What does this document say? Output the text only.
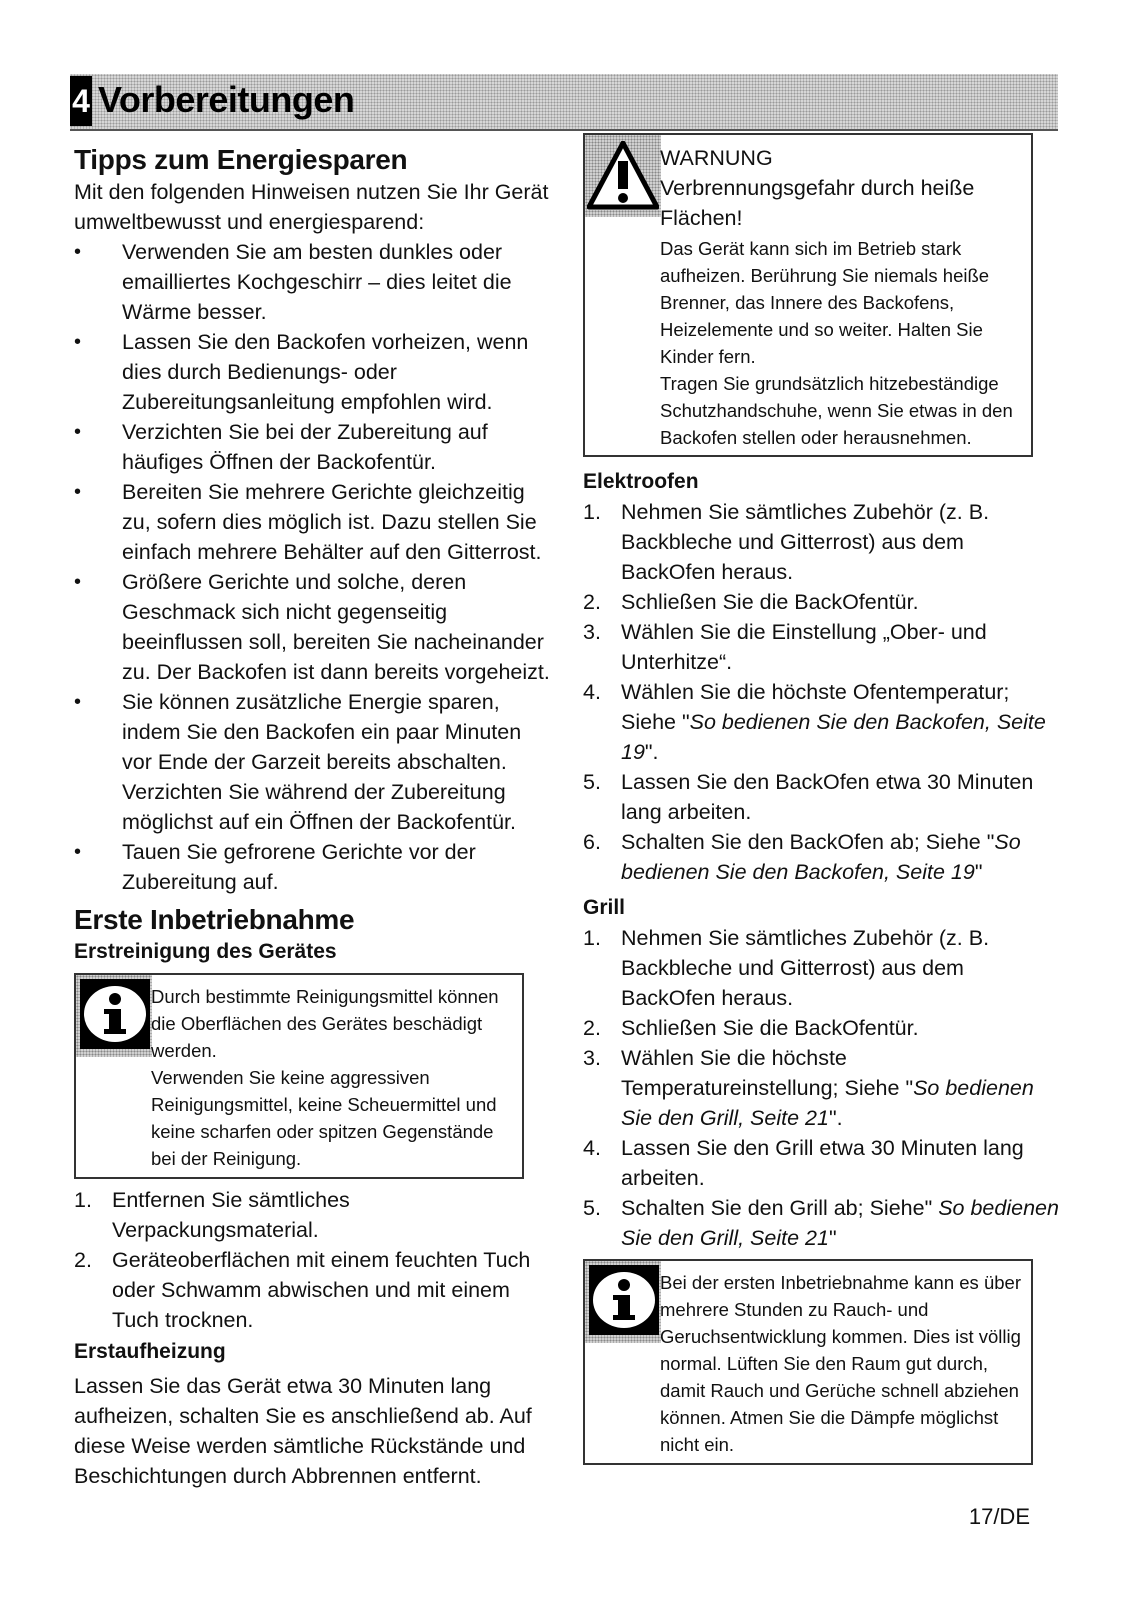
4 Vorbereitungen
Tipps zum Energiesparen

Mit den folgenden Hinweisen nutzen Sie Ihr Gerät umweltbewusst und energiesparend:

• Verwenden Sie am besten dunkles oder emailliertes Kochgeschirr – dies leitet die Wärme besser.
• Lassen Sie den Backofen vorheizen, wenn dies durch Bedienungs- oder Zubereitungsanleitung empfohlen wird.
• Verzichten Sie bei der Zubereitung auf häufiges Öffnen der Backofentür.
• Bereiten Sie mehrere Gerichte gleichzeitig zu, sofern dies möglich ist. Dazu stellen Sie einfach mehrere Behälter auf den Gitterrost.
• Größere Gerichte und solche, deren Geschmack sich nicht gegenseitig beeinflussen soll, bereiten Sie nacheinander zu. Der Backofen ist dann bereits vorgeheizt.
• Sie können zusätzliche Energie sparen, indem Sie den Backofen ein paar Minuten vor Ende der Garzeit bereits abschalten. Verzichten Sie während der Zubereitung möglichst auf ein Öffnen der Backofentür.
• Tauen Sie gefrorene Gerichte vor der Zubereitung auf.
Erste Inbetriebnahme
Erstreinigung des Gerätes
Durch bestimmte Reinigungsmittel können
die Oberflächen des Gerätes beschädigt
werden.
Verwenden Sie keine aggressiven
Reinigungsmittel, keine Scheuermittel und
keine scharfen oder spitzen Gegenstände
bei der Reinigung.
1. Entfernen Sie sämtliches Verpackungsmaterial.
2. Geräteoberflächen mit einem feuchten Tuch oder Schwamm abwischen und mit einem Tuch trocknen.
Erstaufheizung

Lassen Sie das Gerät etwa 30 Minuten lang aufheizen, schalten Sie es anschließend ab. Auf diese Weise werden sämtliche Rückstände und Beschichtungen durch Abbrennen entfernt.

WARNUNG
Verbrennungsgefahr durch heiße Flächen!
Das Gerät kann sich im Betrieb stark
aufheizen. Berührung Sie niemals heiße
Brenner, das Innere des Backofens,
Heizelemente und so weiter. Halten Sie
Kinder fern.
Tragen Sie grundsätzlich hitzebeständige
Schutzhandschuhe, wenn Sie etwas in den
Backofen stellen oder herausnehmen.
Elektroofen
1. Nehmen Sie sämtliches Zubehör (z. B. Backbleche und Gitterrost) aus dem BackOfen heraus.
2. Schließen Sie die BackOfentür.
3. Wählen Sie die Einstellung „Ober- und Unterhitze“.
4. Wählen Sie die höchste Ofentemperatur; Siehe "So bedienen Sie den Backofen, Seite 19".
5. Lassen Sie den BackOfen etwa 30 Minuten lang arbeiten.
6. Schalten Sie den BackOfen ab; Siehe "So bedienen Sie den Backofen, Seite 19"
Grill
1. Nehmen Sie sämtliches Zubehör (z. B. Backbleche und Gitterrost) aus dem BackOfen heraus.
2. Schließen Sie die BackOfentür.
3. Wählen Sie die höchste Temperatureinstellung; Siehe "So bedienen Sie den Grill, Seite 21".
4. Lassen Sie den Grill etwa 30 Minuten lang arbeiten.
5. Schalten Sie den Grill ab; Siehe" So bedienen Sie den Grill, Seite 21"
Bei der ersten Inbetriebnahme kann es über
mehrere Stunden zu Rauch- und
Geruchsentwicklung kommen. Dies ist völlig
normal. Lüften Sie den Raum gut durch,
damit Rauch und Gerüche schnell abziehen
können. Atmen Sie die Dämpfe möglichst
nicht ein.
17/DE
